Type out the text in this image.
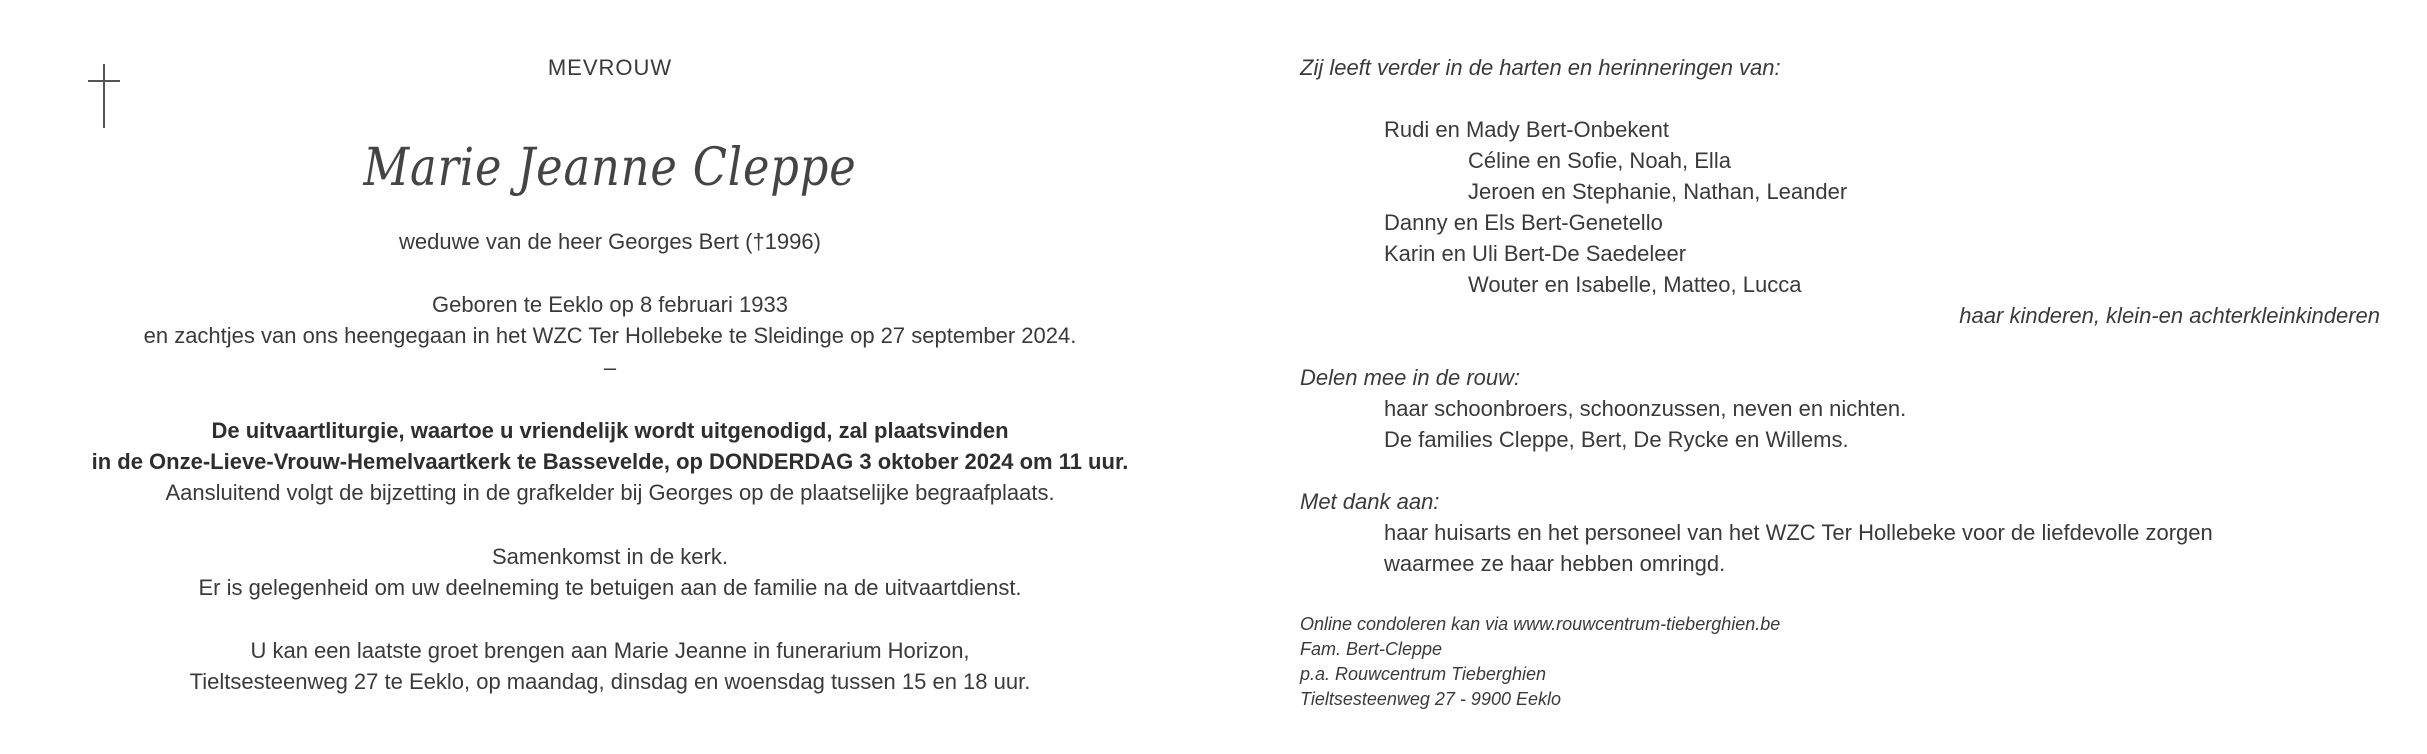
MEVROUW
Marie Jeanne Cleppe
weduwe van de heer Georges Bert (†1996)
Geboren te Eeklo op 8 februari 1933
en zachtjes van ons heengegaan in het WZC Ter Hollebeke te Sleidinge op 27 september 2024.
–
De uitvaartliturgie, waartoe u vriendelijk wordt uitgenodigd, zal plaatsvinden
in de Onze-Lieve-Vrouw-Hemelvaartkerk te Bassevelde, op DONDERDAG 3 oktober 2024 om 11 uur.
Aansluitend volgt de bijzetting in de grafkelder bij Georges op de plaatselijke begraafplaats.
Samenkomst in de kerk.
Er is gelegenheid om uw deelneming te betuigen aan de familie na de uitvaartdienst.
U kan een laatste groet brengen aan Marie Jeanne in funerarium Horizon,
Tieltsesteenweg 27 te Eeklo, op maandag, dinsdag en woensdag tussen 15 en 18 uur.
Zij leeft verder in de harten en herinneringen van:
Rudi en Mady Bert-Onbekent
Céline en Sofie, Noah, Ella
Jeroen en Stephanie, Nathan, Leander
Danny en Els Bert-Genetello
Karin en Uli Bert-De Saedeleer
Wouter en Isabelle, Matteo, Lucca
haar kinderen, klein-en achterkleinkinderen
Delen mee in de rouw:
haar schoonbroers, schoonzussen, neven en nichten.
De families Cleppe, Bert, De Rycke en Willems.
Met dank aan:
haar huisarts en het personeel van het WZC Ter Hollebeke voor de liefdevolle zorgen
waarmee ze haar hebben omringd.
Online condoleren kan via www.rouwcentrum-tieberghien.be
Fam. Bert-Cleppe
p.a. Rouwcentrum Tieberghien
Tieltsesteenweg 27 - 9900 Eeklo
